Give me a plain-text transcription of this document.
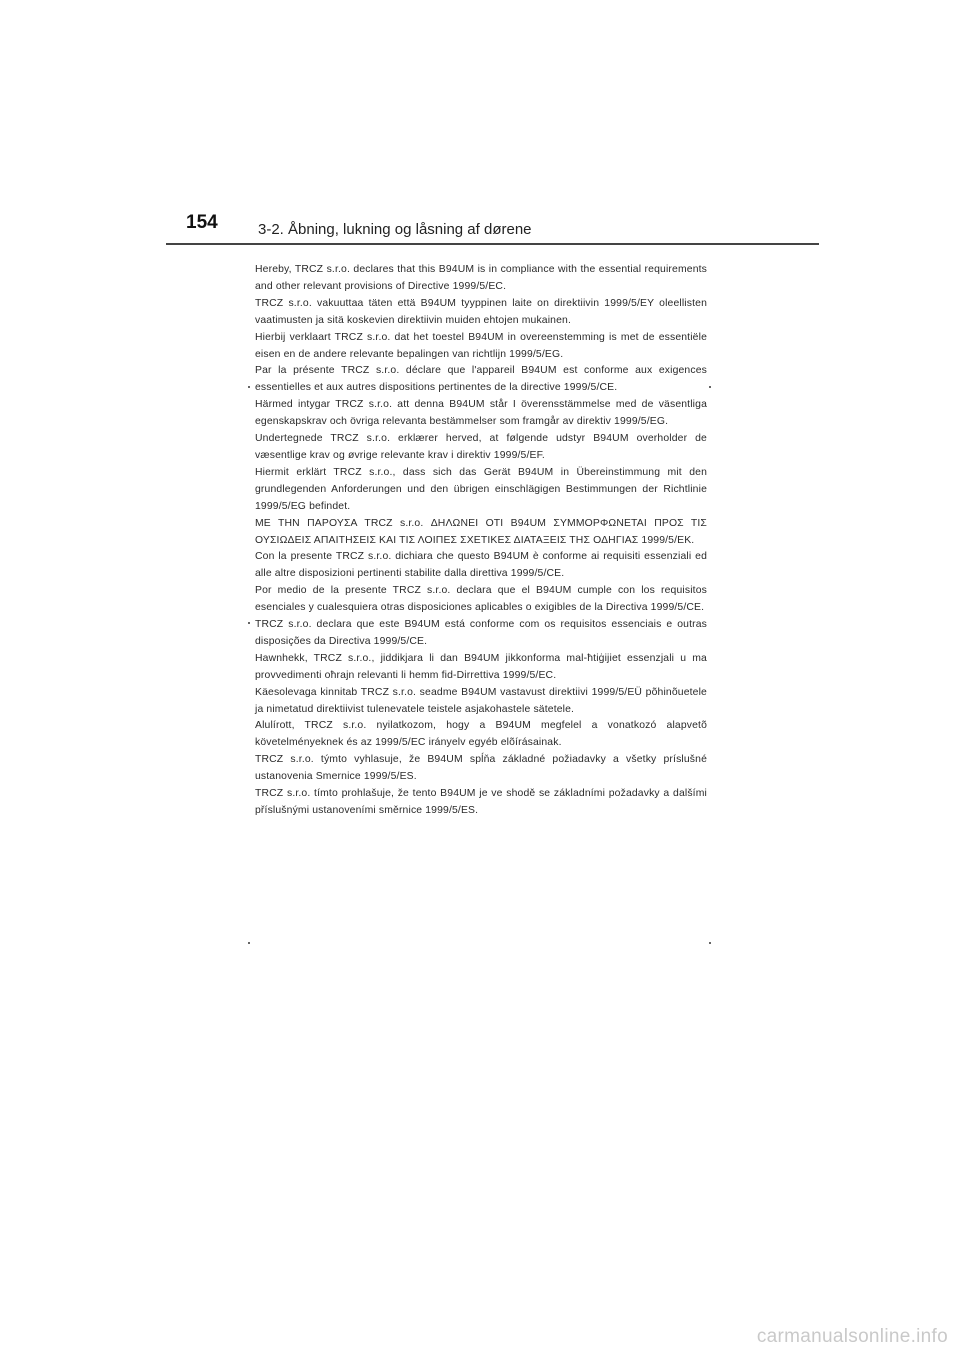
154	3-2. Åbning, lukning og låsning af dørene

Hereby, TRCZ s.r.o. declares that this B94UM is in compliance with the essential requirements and other relevant provisions of Directive 1999/5/EC.

TRCZ s.r.o. vakuuttaa täten että B94UM tyyppinen laite on direktiivin 1999/5/EY oleellisten vaatimusten ja sitä koskevien direktiivin muiden ehtojen mukainen.

Hierbij verklaart TRCZ s.r.o. dat het toestel B94UM in overeenstemming is met de essentiële eisen en de andere relevante bepalingen van richtlijn 1999/5/EG.

Par la présente TRCZ s.r.o. déclare que l'appareil B94UM est conforme aux exigences essentielles et aux autres dispositions pertinentes de la directive 1999/5/CE.

Härmed intygar TRCZ s.r.o. att denna B94UM står I överensstämmelse med de väsentliga egenskapskrav och övriga relevanta bestämmelser som framgår av direktiv 1999/5/EG.

Undertegnede TRCZ s.r.o. erklærer herved, at følgende udstyr B94UM overholder de væsentlige krav og øvrige relevante krav i direktiv 1999/5/EF.

Hiermit erklärt TRCZ s.r.o., dass sich das Gerät B94UM in Übereinstimmung mit den grundlegenden Anforderungen und den übrigen einschlägigen Bestimmungen der Richtlinie 1999/5/EG befindet.

ΜΕ ΤΗΝ ΠΑΡΟΥΣΑ TRCZ s.r.o. ΔΗΛΩΝΕΙ ΟΤΙ B94UM ΣΥΜΜΟΡΦΩΝΕΤΑΙ ΠΡΟΣ ΤΙΣ ΟΥΣΙΩΔΕΙΣ ΑΠΑΙΤΗΣΕΙΣ ΚΑΙ ΤΙΣ ΛΟΙΠΕΣ ΣΧΕΤΙΚΕΣ ΔΙΑΤΑΞΕΙΣ ΤΗΣ ΟΔΗΓΙΑΣ 1999/5/ΕΚ.

Con la presente TRCZ s.r.o. dichiara che questo B94UM è conforme ai requisiti essenziali ed alle altre disposizioni pertinenti stabilite dalla direttiva 1999/5/CE.

Por medio de la presente TRCZ s.r.o. declara que el B94UM cumple con los requisitos esenciales y cualesquiera otras disposiciones aplicables o exigibles de la Directiva 1999/5/CE.

TRCZ s.r.o. declara que este B94UM está conforme com os requisitos essenciais e outras disposições da Directiva 1999/5/CE.

Hawnhekk, TRCZ s.r.o., jiddikjara li dan B94UM jikkonforma mal-ħtiġijiet essenzjali u ma provvedimenti oħrajn relevanti li hemm fid-Dirrettiva 1999/5/EC.

Käesolevaga kinnitab TRCZ s.r.o. seadme B94UM vastavust direktiivi 1999/5/EÜ põhinõuetele ja nimetatud direktiivist tulenevatele teistele asjakohastele sätetele.

Alulírott, TRCZ s.r.o. nyilatkozom, hogy a B94UM megfelel a vonatkozó alapvetõ követelményeknek és az 1999/5/EC irányelv egyéb elõírásainak.

TRCZ s.r.o. týmto vyhlasuje, že B94UM spĺňa základné požiadavky a všetky príslušné ustanovenia Smernice 1999/5/ES.

TRCZ s.r.o. tímto prohlašuje, že tento B94UM je ve shodě se základními požadavky a dalšími příslušnými ustanoveními směrnice 1999/5/ES.

carmanualsonline.info
